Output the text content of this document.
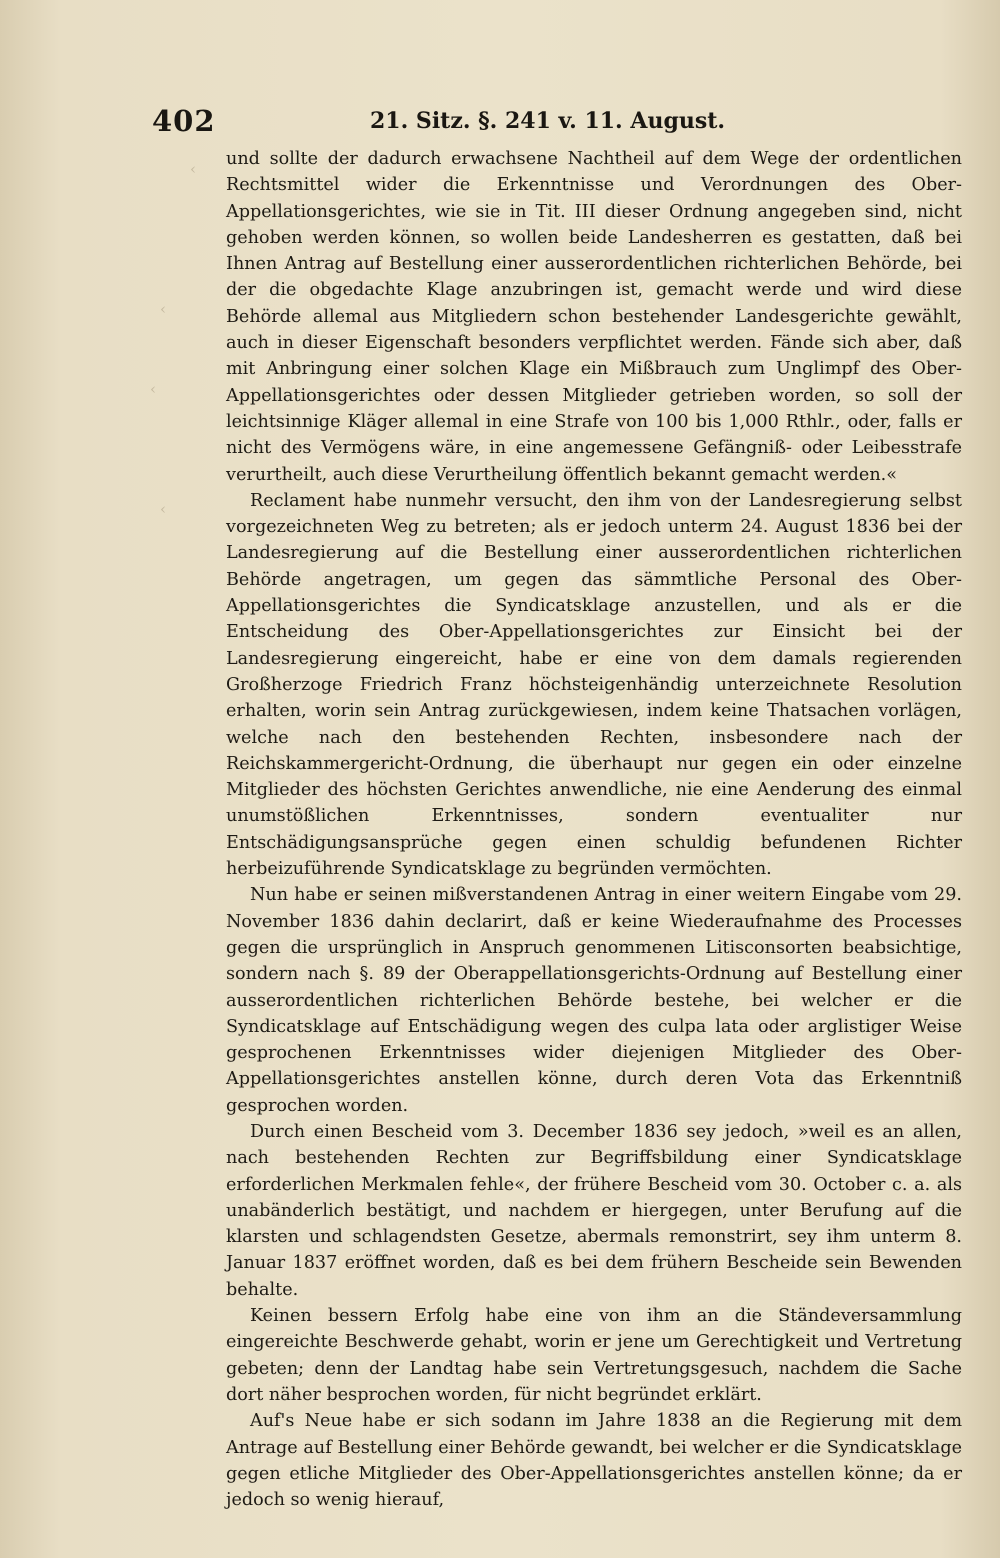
‹
‹
‹
‹
402	21. Sitz. §. 241 v. 11. August.

und sollte der dadurch erwachsene Nachtheil auf dem Wege der ordentlichen Rechtsmittel wider die Erkenntnisse und Verordnungen des Ober-Appellationsgerichtes, wie sie in Tit. III dieser Ordnung angegeben sind, nicht gehoben werden können, so wollen beide Landesherren es gestatten, daß bei Ihnen Antrag auf Bestellung einer ausserordentlichen richterlichen Behörde, bei der die obgedachte Klage anzubringen ist, gemacht werde und wird diese Behörde allemal aus Mitgliedern schon bestehender Landesgerichte gewählt, auch in dieser Eigenschaft besonders verpflichtet werden. Fände sich aber, daß mit Anbringung einer solchen Klage ein Mißbrauch zum Unglimpf des Ober-Appellationsgerichtes oder dessen Mitglieder getrieben worden, so soll der leichtsinnige Kläger allemal in eine Strafe von 100 bis 1,000 Rthlr., oder, falls er nicht des Vermögens wäre, in eine angemessene Gefängniß- oder Leibesstrafe verurtheilt, auch diese Verurtheilung öffentlich bekannt gemacht werden.«

Reclament habe nunmehr versucht, den ihm von der Landesregierung selbst vorgezeichneten Weg zu betreten; als er jedoch unterm 24. August 1836 bei der Landesregierung auf die Bestellung einer ausserordentlichen richterlichen Behörde angetragen, um gegen das sämmtliche Personal des Ober-Appellationsgerichtes die Syndicatsklage anzustellen, und als er die Entscheidung des Ober-Appellationsgerichtes zur Einsicht bei der Landesregierung eingereicht, habe er eine von dem damals regierenden Großherzoge Friedrich Franz höchsteigenhändig unterzeichnete Resolution erhalten, worin sein Antrag zurückgewiesen, indem keine Thatsachen vorlägen, welche nach den bestehenden Rechten, insbesondere nach der Reichskammergericht-Ordnung, die überhaupt nur gegen ein oder einzelne Mitglieder des höchsten Gerichtes anwendliche, nie eine Aenderung des einmal unumstößlichen Erkenntnisses, sondern eventualiter nur Entschädigungsansprüche gegen einen schuldig befundenen Richter herbeizuführende Syndicatsklage zu begründen vermöchten.

Nun habe er seinen mißverstandenen Antrag in einer weitern Eingabe vom 29. November 1836 dahin declarirt, daß er keine Wiederaufnahme des Processes gegen die ursprünglich in Anspruch genommenen Litisconsorten beabsichtige, sondern nach §. 89 der Oberappellationsgerichts-Ordnung auf Bestellung einer ausserordentlichen richterlichen Behörde bestehe, bei welcher er die Syndicatsklage auf Entschädigung wegen des culpa lata oder arglistiger Weise gesprochenen Erkenntnisses wider diejenigen Mitglieder des Ober-Appellationsgerichtes anstellen könne, durch deren Vota das Erkenntniß gesprochen worden.

Durch einen Bescheid vom 3. December 1836 sey jedoch, »weil es an allen, nach bestehenden Rechten zur Begriffsbildung einer Syndicatsklage erforderlichen Merkmalen fehle«, der frühere Bescheid vom 30. October c. a. als unabänderlich bestätigt, und nachdem er hiergegen, unter Berufung auf die klarsten und schlagendsten Gesetze, abermals remonstrirt, sey ihm unterm 8. Januar 1837 eröffnet worden, daß es bei dem frühern Bescheide sein Bewenden behalte.

Keinen bessern Erfolg habe eine von ihm an die Ständeversammlung eingereichte Beschwerde gehabt, worin er jene um Gerechtigkeit und Vertretung gebeten; denn der Landtag habe sein Vertretungsgesuch, nachdem die Sache dort näher besprochen worden, für nicht begründet erklärt.

Auf's Neue habe er sich sodann im Jahre 1838 an die Regierung mit dem Antrage auf Bestellung einer Behörde gewandt, bei welcher er die Syndicatsklage gegen etliche Mitglieder des Ober-Appellationsgerichtes anstellen könne; da er jedoch so wenig hierauf,
